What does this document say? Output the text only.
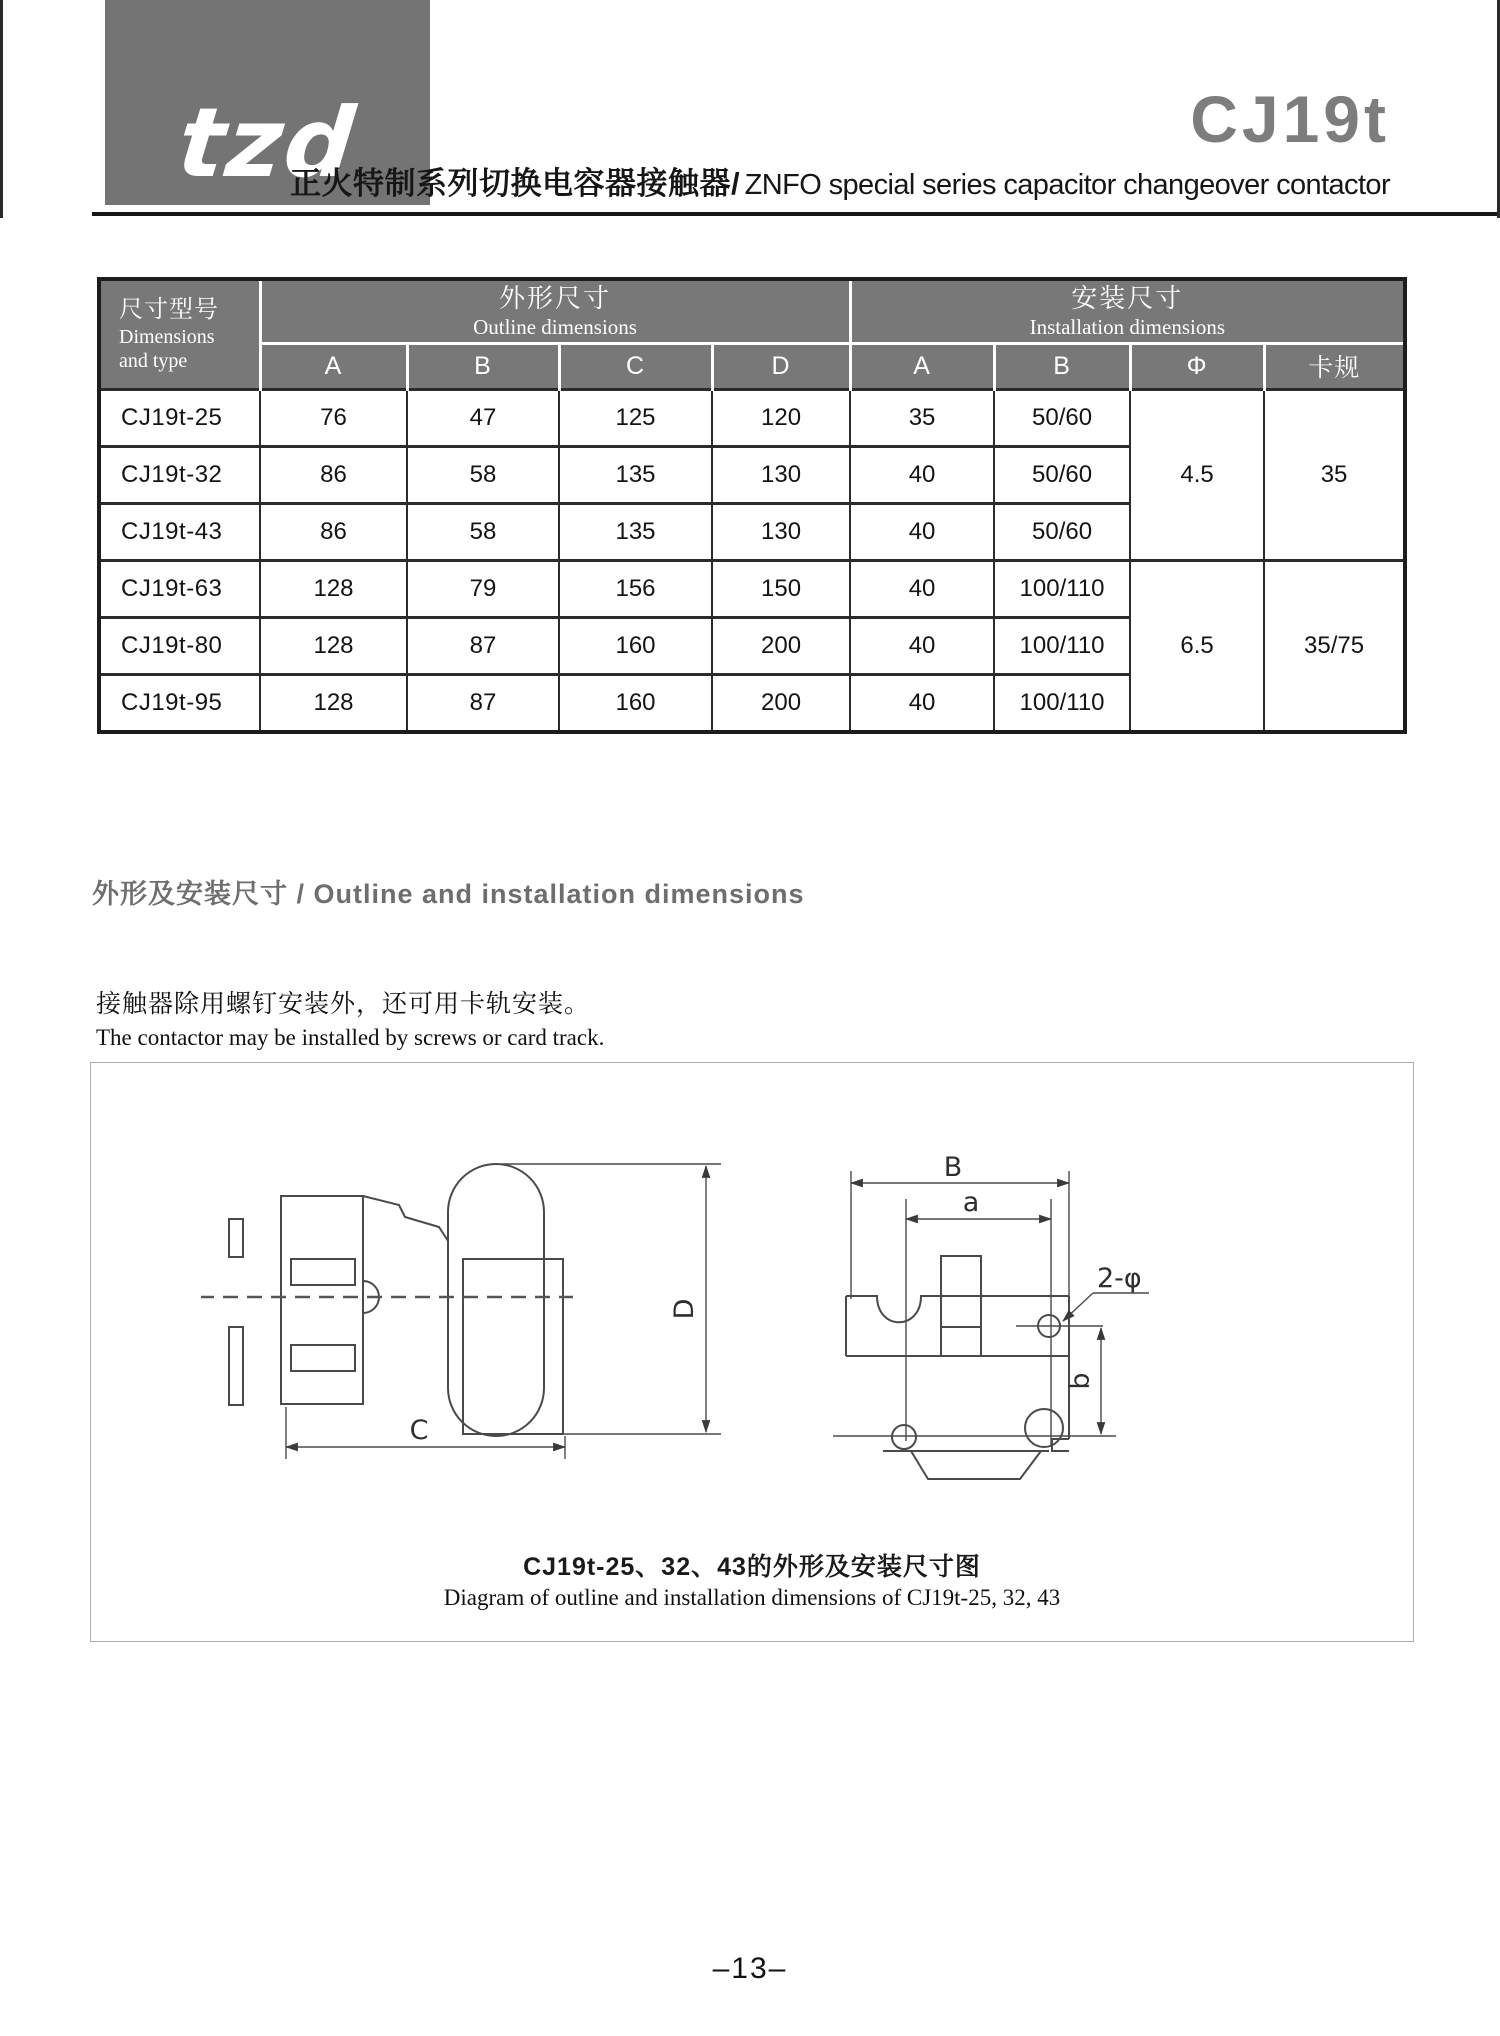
tzd	CJ19t
正火特制系列切换电容器接触器/ ZNFO special series capacitor changeover contactor
尺寸型号
Dimensions
and type	外形尺寸
Outline dimensions				安装尺寸
Installation dimensions			

	A	B	C	D	A	B	Φ	卡规
CJ19t-25	76	47	125	120	35	50/60	4.5	35
CJ19t-32	86	58	135	130	40	50/60		
CJ19t-43	86	58	135	130	40	50/60		
CJ19t-63	128	79	156	150	40	100/110	6.5	35/75
CJ19t-80	128	87	160	200	40	100/110		
CJ19t-95	128	87	160	200	40	100/110		
外形及安装尺寸 / Outline and installation dimensions
接触器除用螺钉安装外，还可用卡轨安装。
The contactor may be installed by screws or card track.
D
C
B
a
b
2-φ
CJ19t-25、32、43的外形及安装尺寸图
Diagram of outline and installation dimensions of CJ19t-25, 32, 43
–13–
